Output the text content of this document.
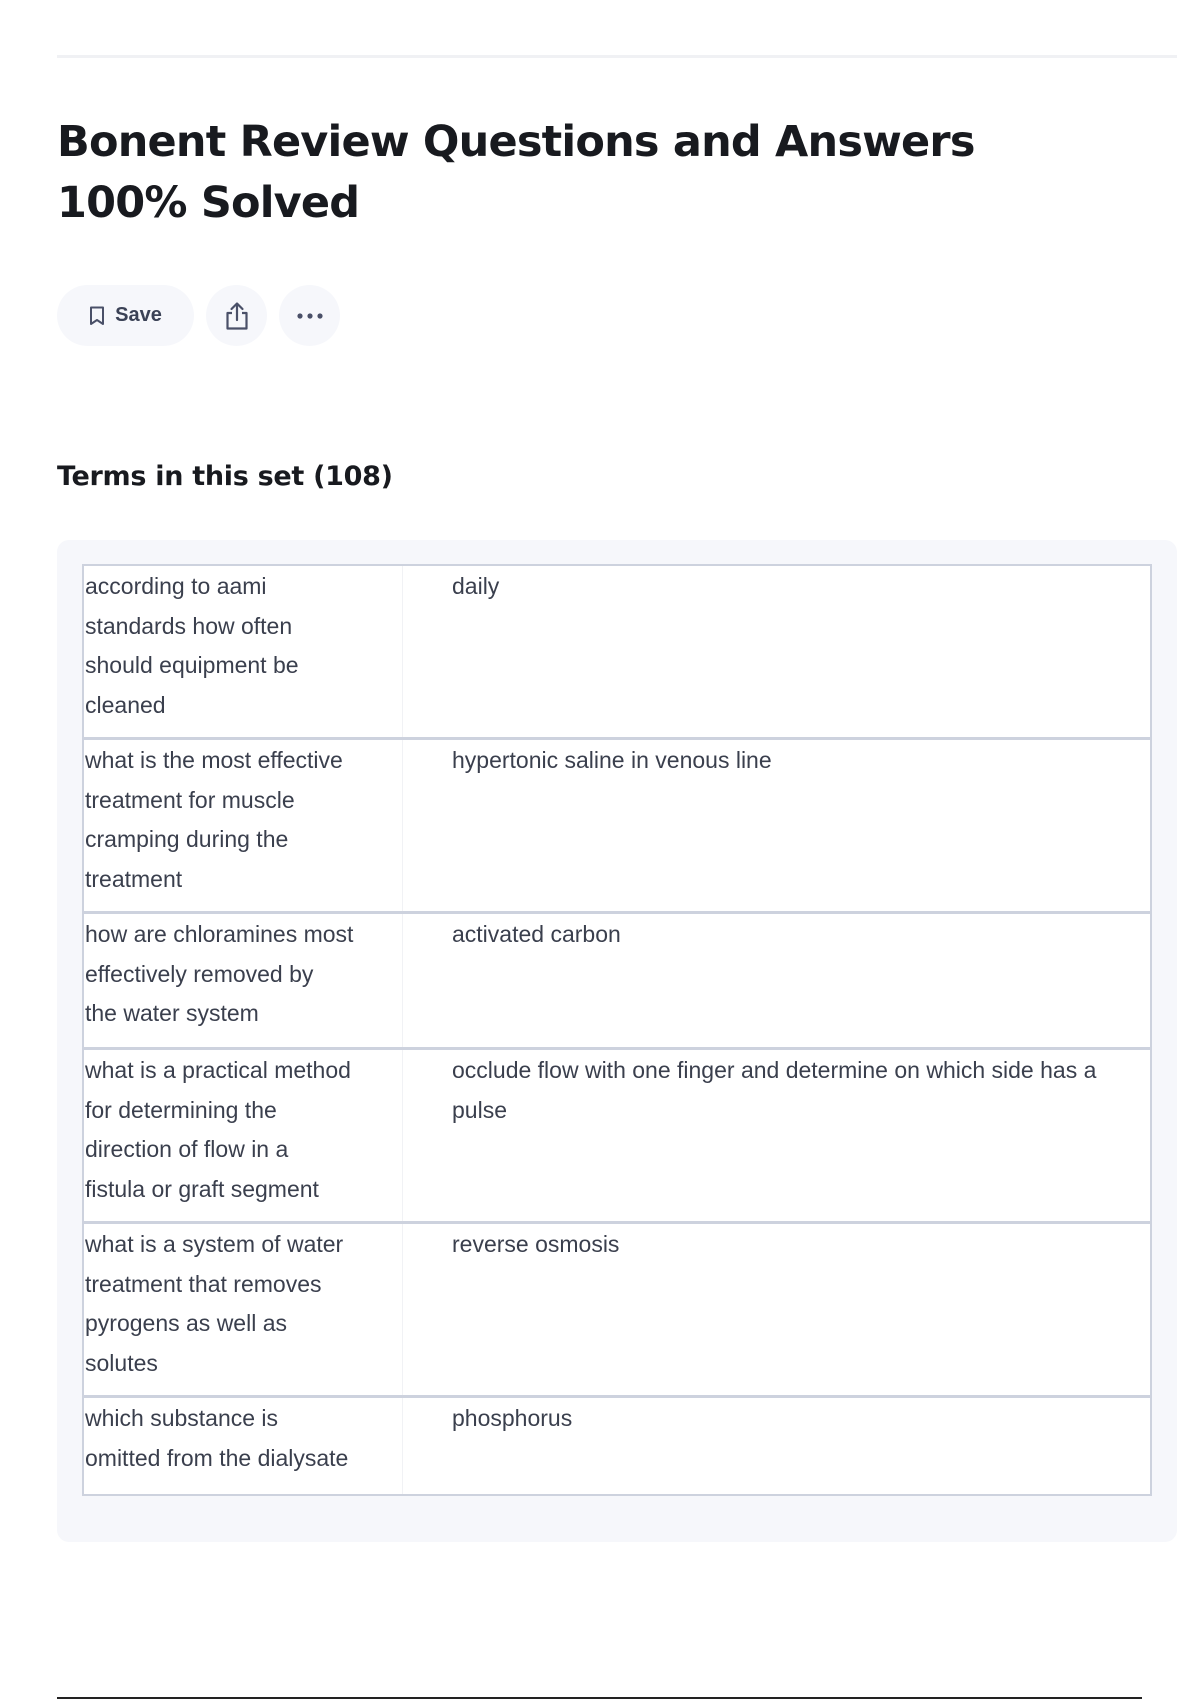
Bonent Review Questions and Answers 100% Solved
Save
Terms in this set (108)
according to aami
standards how often
should equipment be
cleaned
daily
what is the most effective
treatment for muscle
cramping during the
treatment
hypertonic saline in venous line
how are chloramines most
effectively removed by
the water system
activated carbon
what is a practical method
for determining the
direction of flow in a
fistula or graft segment
occlude flow with one finger and determine on which side has a pulse
what is a system of water
treatment that removes
pyrogens as well as
solutes
reverse osmosis
which substance is
omitted from the dialysate
phosphorus
